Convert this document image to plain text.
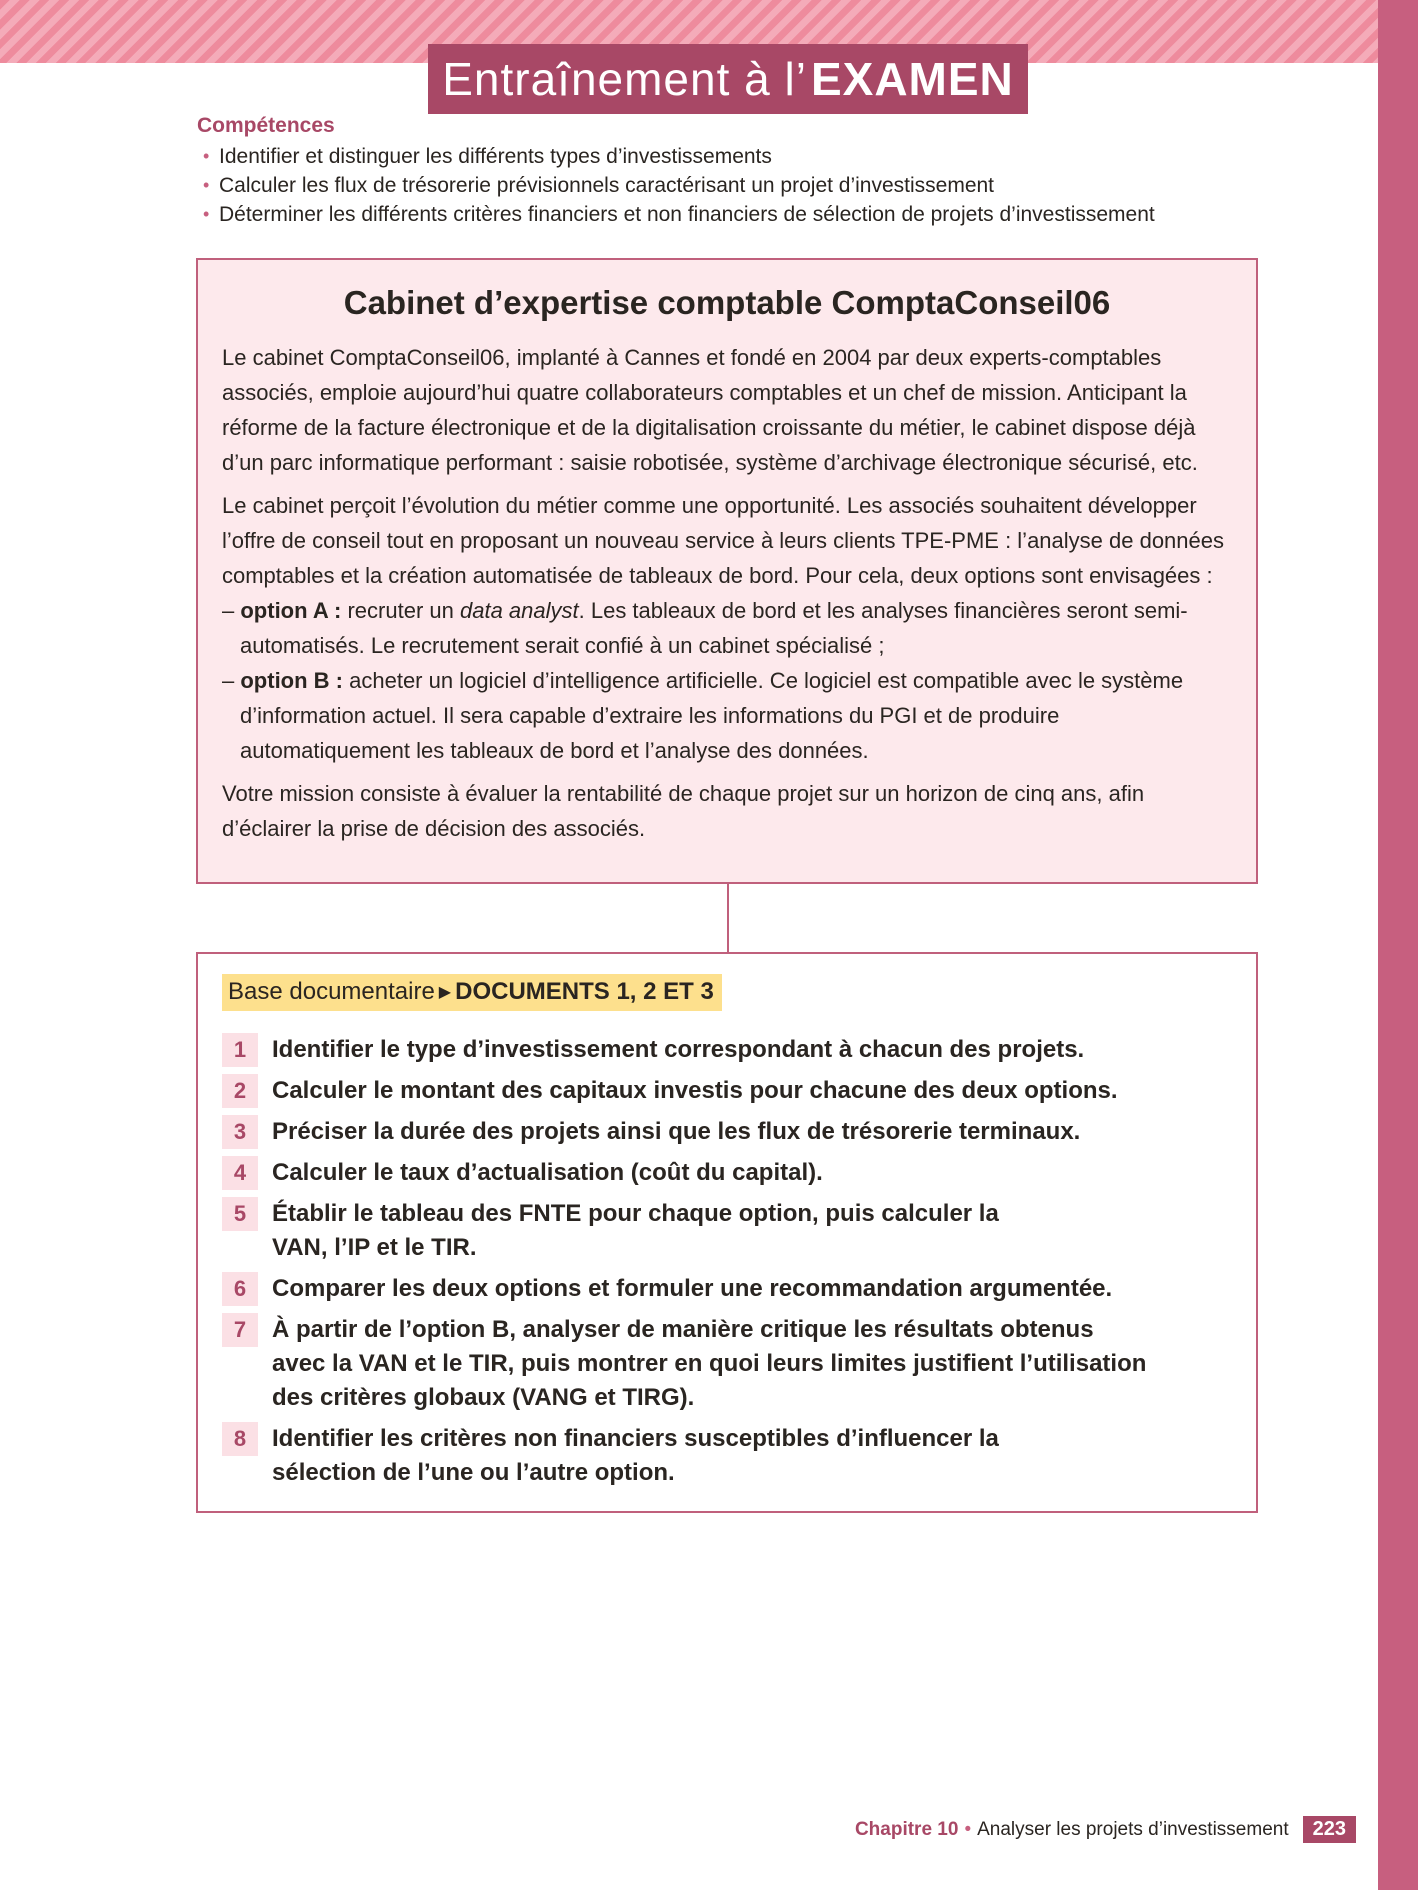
Entraînement à l’ EXAMEN
Compétences
• Identifier et distinguer les différents types d’investissements
• Calculer les flux de trésorerie prévisionnels caractérisant un projet d’investissement
• Déterminer les différents critères financiers et non financiers de sélection de projets d’investissement
Cabinet d’expertise comptable ComptaConseil06

Le cabinet ComptaConseil06, implanté à Cannes et fondé en 2004 par deux experts-comptables associés, emploie aujourd’hui quatre collaborateurs comptables et un chef de mission. Anticipant la réforme de la facture électronique et de la digitalisation croissante du métier, le cabinet dispose déjà d’un parc informatique performant : saisie robotisée, système d’archivage électronique sécurisé, etc.

Le cabinet perçoit l’évolution du métier comme une opportunité. Les associés souhaitent développer l’offre de conseil tout en proposant un nouveau service à leurs clients TPE-PME : l’analyse de données comptables et la création automatisée de tableaux de bord. Pour cela, deux options sont envisagées :

– option A : recruter un data analyst. Les tableaux de bord et les analyses financières seront semi-automatisés. Le recrutement serait confié à un cabinet spécialisé ;
– option B : acheter un logiciel d’intelligence artificielle. Ce logiciel est compatible avec le système d’information actuel. Il sera capable d’extraire les informations du PGI et de produire automatiquement les tableaux de bord et l’analyse des données.

Votre mission consiste à évaluer la rentabilité de chaque projet sur un horizon de cinq ans, afin d’éclairer la prise de décision des associés.

Base documentaire ▶ DOCUMENTS 1, 2 ET 3
1	Identifier le type d’investissement correspondant à chacun des projets.
2	Calculer le montant des capitaux investis pour chacune des deux options.
3	Préciser la durée des projets ainsi que les flux de trésorerie terminaux.
4	Calculer le taux d’actualisation (coût du capital).
5	Établir le tableau des FNTE pour chaque option, puis calculer la VAN, l’IP et le TIR.
6	Comparer les deux options et formuler une recommandation argumentée.
7	À partir de l’option B, analyser de manière critique les résultats obtenus avec la VAN et le TIR, puis montrer en quoi leurs limites justifient l’utilisation des critères globaux (VANG et TIRG).
8	Identifier les critères non financiers susceptibles d’influencer la sélection de l’une ou l’autre option.
Chapitre 10 • Analyser les projets d’investissement	223
